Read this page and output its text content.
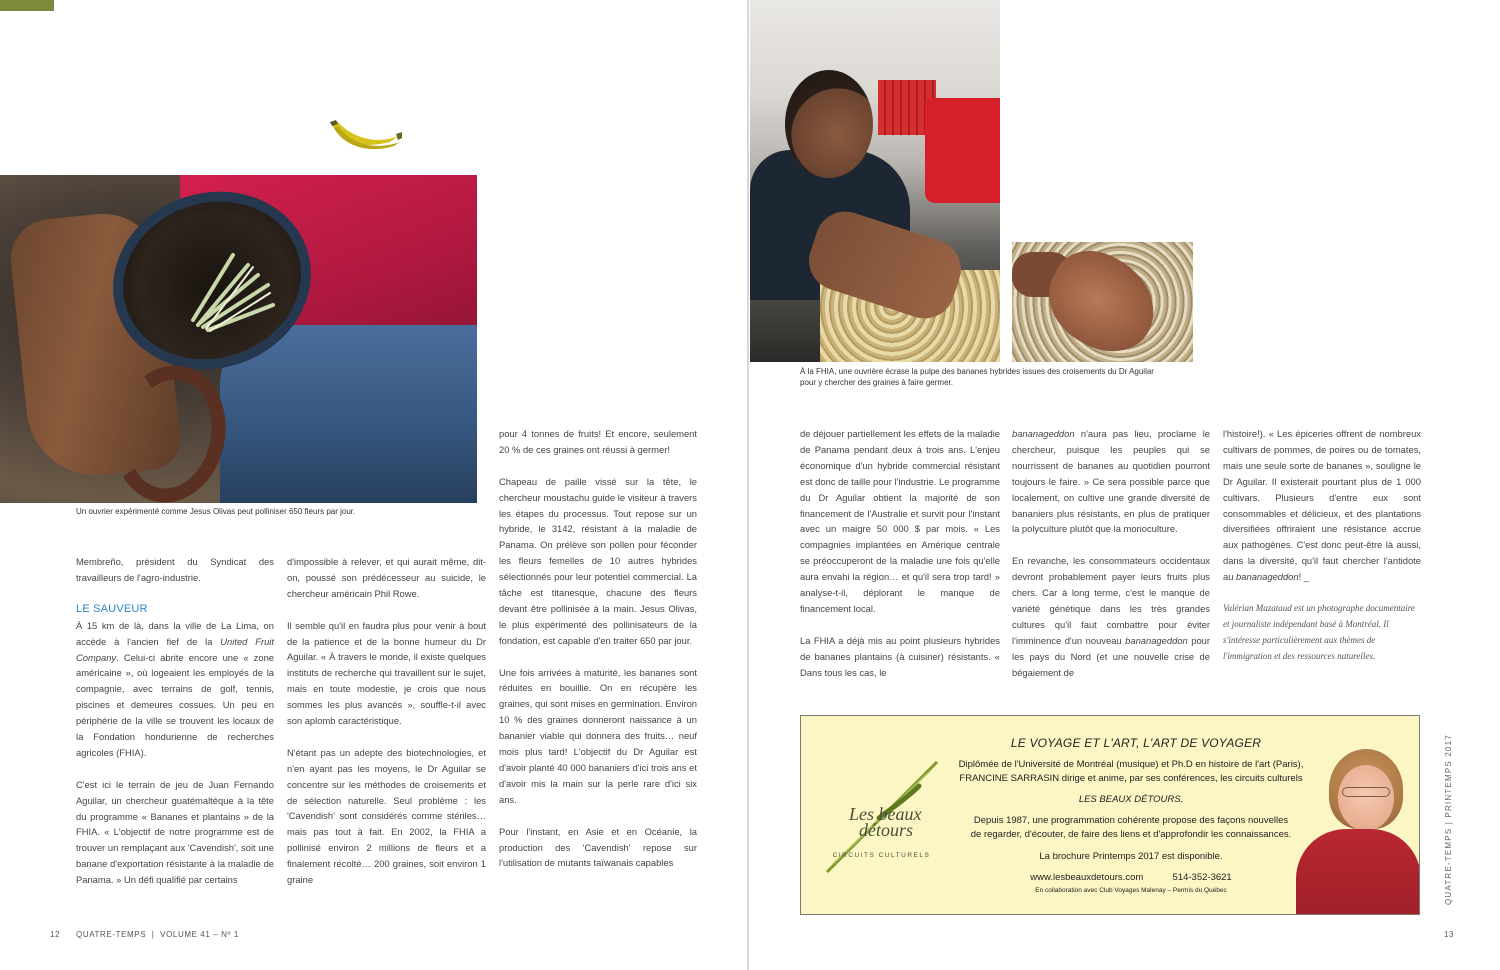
Un ouvrier expérimenté comme Jesus Olivas peut polliniser 650 fleurs par jour.

Membreño, président du Syndicat des travailleurs de l'agro-industrie.

LE SAUVEUR

À 15 km de là, dans la ville de La Lima, on accède à l'ancien fief de la United Fruit Company. Celui-ci abrite encore une « zone américaine », où logeaient les employés de la compagnie, avec terrains de golf, tennis, piscines et demeures cossues. Un peu en périphérie de la ville se trouvent les locaux de la Fondation hondurienne de recherches agricoles (FHIA).

C'est ici le terrain de jeu de Juan Fernando Aguilar, un chercheur guatémaltèque à la tête du programme « Bananes et plantains » de la FHIA. « L'objectif de notre programme est de trouver un remplaçant aux 'Cavendish', soit une banane d'exportation résistante à la maladie de Panama. » Un défi qualifié par certains

d'impossible à relever, et qui aurait même, dit-on, poussé son prédécesseur au suicide, le chercheur américain Phil Rowe.

Il semble qu'il en faudra plus pour venir à bout de la patience et de la bonne humeur du Dr Aguilar. « À travers le monde, il existe quelques instituts de recherche qui travaillent sur le sujet, mais en toute modestie, je crois que nous sommes les plus avancés », souffle-t-il avec son aplomb caractéristique.

N'étant pas un adepte des biotechnologies, et n'en ayant pas les moyens, le Dr Aguilar se concentre sur les méthodes de croisements et de sélection naturelle. Seul problème : les 'Cavendish' sont considérés comme stériles… mais pas tout à fait. En 2002, la FHIA a pollinisé environ 2 millions de fleurs et a finalement récolté… 200 graines, soit environ 1 graine

pour 4 tonnes de fruits! Et encore, seulement 20 % de ces graines ont réussi à germer!

Chapeau de paille vissé sur la tête, le chercheur moustachu guide le visiteur à travers les étapes du processus. Tout repose sur un hybride, le 3142, résistant à la maladie de Panama. On prélève son pollen pour féconder les fleurs femelles de 10 autres hybrides sélectionnés pour leur potentiel commercial. La tâche est titanesque, chacune des fleurs devant être pollinisée à la main. Jesus Olivas, le plus expérimenté des pollinisateurs de la fondation, est capable d'en traiter 650 par jour.

Une fois arrivées à maturité, les bananes sont réduites en bouillie. On en récupère les graines, qui sont mises en germination. Environ 10 % des graines donneront naissance à un bananier viable qui donnera des fruits… neuf mois plus tard! L'objectif du Dr Aguilar est d'avoir planté 40 000 bananiers d'ici trois ans et d'avoir mis la main sur la perle rare d'ici six ans.

Pour l'instant, en Asie et en Océanie, la production des 'Cavendish' repose sur l'utilisation de mutants taïwanais capables

12 QUATRE-TEMPS  |  VOLUME 41 – Nº 1
À la FHIA, une ouvrière écrase la pulpe des bananes hybrides issues des croisements du Dr Aguilar
pour y chercher des graines à faire germer.

de déjouer partiellement les effets de la maladie de Panama pendant deux à trois ans. L'enjeu économique d'un hybride commercial résistant est donc de taille pour l'industrie. Le programme du Dr Aguilar obtient la majorité de son financement de l'Australie et survit pour l'instant avec un maigre 50 000 $ par mois. « Les compagnies implantées en Amérique centrale se préoccuperont de la maladie une fois qu'elle aura envahi la région… et qu'il sera trop tard! » analyse-t-il, déplorant le manque de financement local.

La FHIA a déjà mis au point plusieurs hybrides de bananes plantains (à cuisiner) résistants. « Dans tous les cas, le

bananageddon n'aura pas lieu, proclame le chercheur, puisque les peuples qui se nourrissent de bananes au quotidien pourront toujours le faire. » Ce sera possible parce que localement, on cultive une grande diversité de bananiers plus résistants, en plus de pratiquer la polyculture plutôt que la monoculture.

En revanche, les consommateurs occidentaux devront probablement payer leurs fruits plus chers. Car à long terme, c'est le manque de variété génétique dans les très grandes cultures qu'il faut combattre pour éviter l'imminence d'un nouveau bananageddon pour les pays du Nord (et une nouvelle crise de bégaiement de

l'histoire!). « Les épiceries offrent de nombreux cultivars de pommes, de poires ou de tomates, mais une seule sorte de bananes », souligne le Dr Aguilar. Il existerait pourtant plus de 1 000 cultivars. Plusieurs d'entre eux sont consommables et délicieux, et des plantations diversifiées offriraient une résistance accrue aux pathogènes. C'est donc peut-être là aussi, dans la diversité, qu'il faut chercher l'antidote au bananageddon! _

Valérian Mazataud est un photographe documentaire et journaliste indépendant basé à Montréal. Il s'intéresse particulièrement aux thèmes de l'immigration et des ressources naturelles.

Les beaux
détours
CIRCUITS CULTURELS
LE VOYAGE ET L'ART, L'ART DE VOYAGER
Diplômée de l'Université de Montréal (musique) et Ph.D en histoire de l'art (Paris),
FRANCINE SARRASIN dirige et anime, par ses conférences, les circuits culturels
LES BEAUX DÉTOURS.
Depuis 1987, une programmation cohérente propose des façons nouvelles
de regarder, d'écouter, de faire des liens et d'approfondir les connaissances.
La brochure Printemps 2017 est disponible.
www.lesbeauxdetours.com	514-352-3621
En collaboration avec Club Voyages Malenay – Permis du Québec	QUATRE-TEMPS | PRINTEMPS 2017
13
